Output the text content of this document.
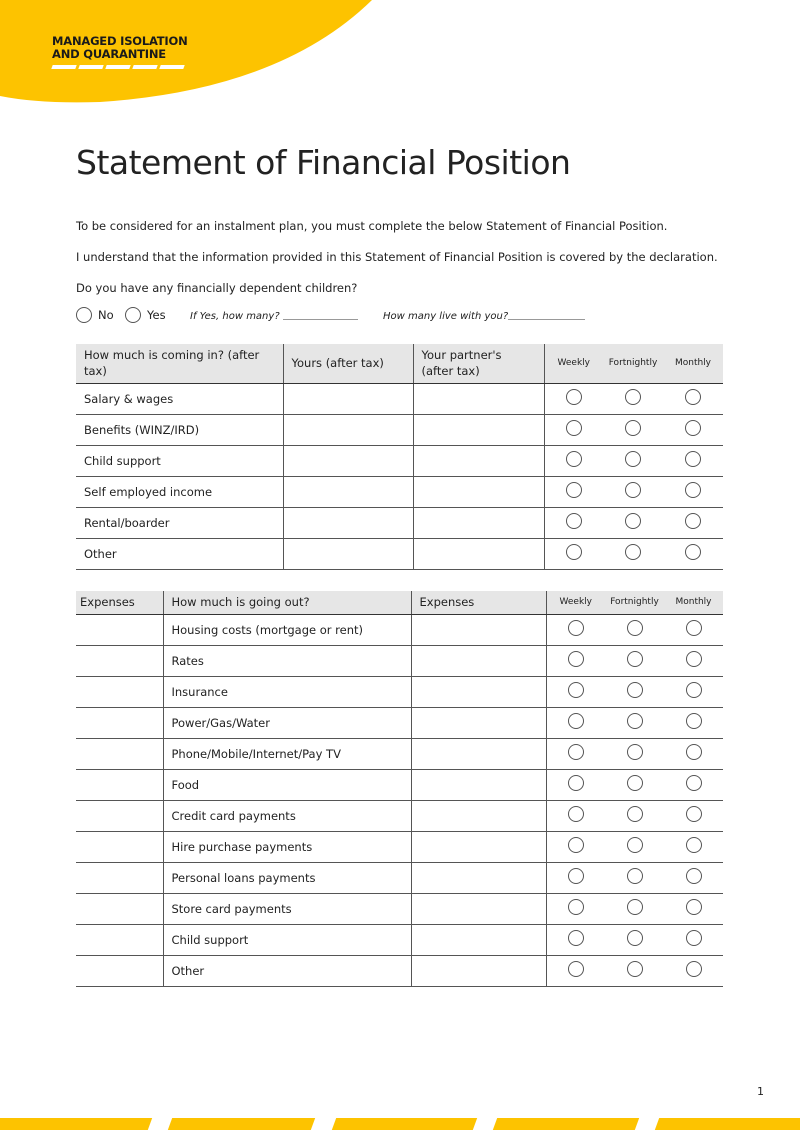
MANAGED ISOLATION
AND QUARANTINE
Statement of Financial Position
To be considered for an instalment plan, you must complete the below Statement of Financial Position.
I understand that the information provided in this Statement of Financial Position is covered by the declaration.
Do you have any financially dependent children?
No	Yes If Yes, how many?	How many live with you?
How much is coming in? (after tax)	Yours (after tax)	Your partner's (after tax)	Weekly	Fortnightly	Monthly
Salary & wages					
Benefits (WINZ/IRD)					
Child support					
Self employed income					
Rental/boarder					
Other					
Expenses	How much is going out?	Expenses	Weekly	Fortnightly	Monthly
	Housing costs (mortgage or rent)				
	Rates				
	Insurance				
	Power/Gas/Water				
	Phone/Mobile/Internet/Pay TV				
	Food				
	Credit card payments				
	Hire purchase payments				
	Personal loans payments				
	Store card payments				
	Child support				
	Other				
1
